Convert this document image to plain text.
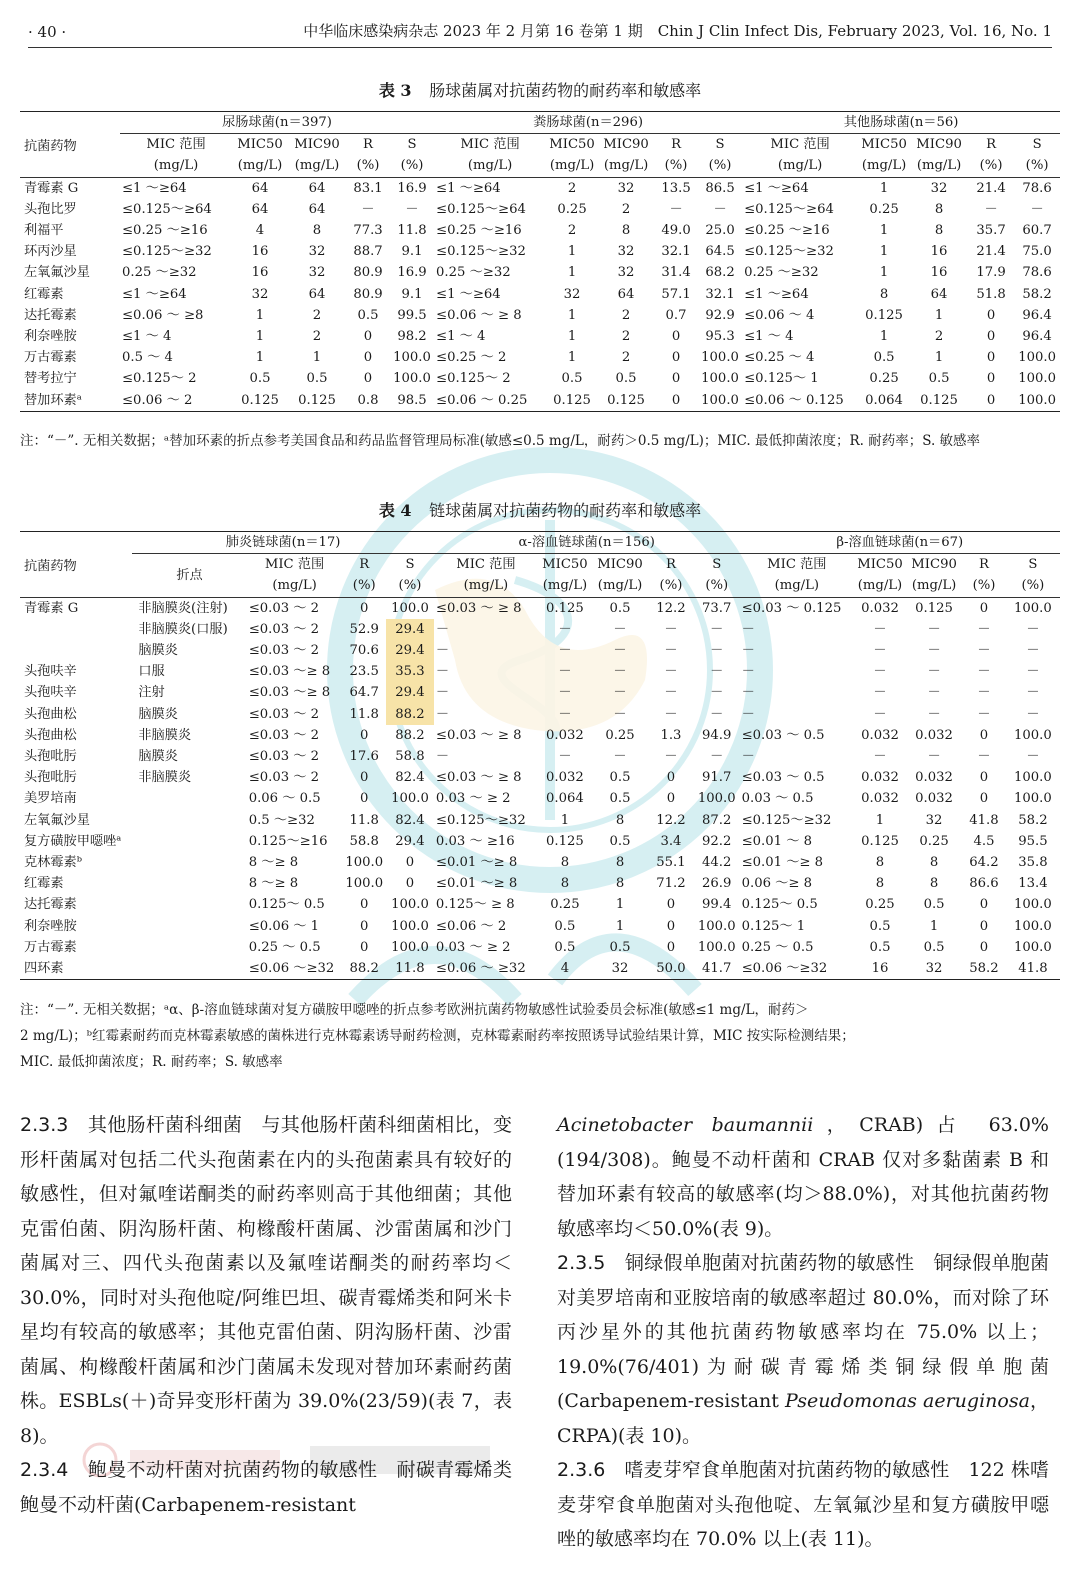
· 40 ·	中华临床感染病杂志 2023 年 2 月第 16 卷第 1 期　Chin J Clin Infect Dis, February 2023, Vol. 16, No. 1
表 3 肠球菌属对抗菌药物的耐药率和敏感率
抗菌药物	尿肠球菌(n＝397)					粪肠球菌(n＝296)					其他肠球菌(n＝56)				
	MIC 范围	MIC50	MIC90	R	S	MIC 范围	MIC50	MIC90	R	S	MIC 范围	MIC50	MIC90	R	S
	(mg/L)	(mg/L)	(mg/L)	(%)	(%)	(mg/L)	(mg/L)	(mg/L)	(%)	(%)	(mg/L)	(mg/L)	(mg/L)	(%)	(%)
青霉素 G	≤1 ～≥64	64	64	83.1	16.9	≤1 ～≥64	2	32	13.5	86.5	≤1 ～≥64	1	32	21.4	78.6
头孢比罗	≤0.125～≥64	64	64	－	－	≤0.125～≥64	0.25	2	－	－	≤0.125～≥64	0.25	8	－	－
利福平	≤0.25 ～≥16	4	8	77.3	11.8	≤0.25 ～≥16	2	8	49.0	25.0	≤0.25 ～≥16	1	8	35.7	60.7
环丙沙星	≤0.125～≥32	16	32	88.7	9.1	≤0.125～≥32	1	32	32.1	64.5	≤0.125～≥32	1	16	21.4	75.0
左氧氟沙星	0.25 ～≥32	16	32	80.9	16.9	0.25 ～≥32	1	32	31.4	68.2	0.25 ～≥32	1	16	17.9	78.6
红霉素	≤1 ～≥64	32	64	80.9	9.1	≤1 ～≥64	32	64	57.1	32.1	≤1 ～≥64	8	64	51.8	58.2
达托霉素	≤0.06 ～ ≥8	1	2	0.5	99.5	≤0.06 ～ ≥ 8	1	2	0.7	92.9	≤0.06 ～ 4	0.125	1	0	96.4
利奈唑胺	≤1 ～ 4	1	2	0	98.2	≤1 ～ 4	1	2	0	95.3	≤1 ～ 4	1	2	0	96.4
万古霉素	0.5 ～ 4	1	1	0	100.0	≤0.25 ～ 2	1	2	0	100.0	≤0.25 ～ 4	0.5	1	0	100.0
替考拉宁	≤0.125～ 2	0.5	0.5	0	100.0	≤0.125～ 2	0.5	0.5	0	100.0	≤0.125～ 1	0.25	0.5	0	100.0
替加环素ᵃ	≤0.06 ～ 2	0.125	0.125	0.8	98.5	≤0.06 ～ 0.25	0.125	0.125	0	100.0	≤0.06 ～ 0.125	0.064	0.125	0	100.0
注：“－”. 无相关数据；ᵃ替加环素的折点参考美国食品和药品监督管理局标准(敏感≤0.5 mg/L，耐药＞0.5 mg/L)；MIC. 最低抑菌浓度；R. 耐药率；S. 敏感率
表 4 链球菌属对抗菌药物的耐药率和敏感率
抗菌药物	肺炎链球菌(n＝17)				α-溶血链球菌(n＝156)					β-溶血链球菌(n＝67)				
	折点	MIC 范围	R	S	MIC 范围	MIC50	MIC90	R	S	MIC 范围	MIC50	MIC90	R	S
		(mg/L)	(%)	(%)	(mg/L)	(mg/L)	(mg/L)	(%)	(%)	(mg/L)	(mg/L)	(mg/L)	(%)	(%)
青霉素 G	非脑膜炎(注射)	≤0.03 ～ 2	0	100.0	≤0.03 ～ ≥ 8	0.125	0.5	12.2	73.7	≤0.03 ～ 0.125	0.032	0.125	0	100.0
	非脑膜炎(口服)	≤0.03 ～ 2	52.9	29.4	－	－	－	－	－	－	－	－	－	－
	脑膜炎	≤0.03 ～ 2	70.6	29.4	－	－	－	－	－	－	－	－	－	－
头孢呋辛	口服	≤0.03 ～≥ 8	23.5	35.3	－	－	－	－	－	－	－	－	－	－
头孢呋辛	注射	≤0.03 ～≥ 8	64.7	29.4	－	－	－	－	－	－	－	－	－	－
头孢曲松	脑膜炎	≤0.03 ～ 2	11.8	88.2	－	－	－	－	－	－	－	－	－	－
头孢曲松	非脑膜炎	≤0.03 ～ 2	0	88.2	≤0.03 ～ ≥ 8	0.032	0.25	1.3	94.9	≤0.03 ～ 0.5	0.032	0.032	0	100.0
头孢吡肟	脑膜炎	≤0.03 ～ 2	17.6	58.8	－	－	－	－	－	－	－	－	－	－
头孢吡肟	非脑膜炎	≤0.03 ～ 2	0	82.4	≤0.03 ～ ≥ 8	0.032	0.5	0	91.7	≤0.03 ～ 0.5	0.032	0.032	0	100.0
美罗培南		0.06 ～ 0.5	0	100.0	0.03 ～ ≥ 2	0.064	0.5	0	100.0	0.03 ～ 0.5	0.032	0.032	0	100.0
左氧氟沙星		0.5 ～≥32	11.8	82.4	≤0.125～≥32	1	8	12.2	87.2	≤0.125～≥32	1	32	41.8	58.2
复方磺胺甲噁唑ᵃ		0.125～≥16	58.8	29.4	0.03 ～ ≥16	0.125	0.5	3.4	92.2	≤0.01 ～ 8	0.125	0.25	4.5	95.5
克林霉素ᵇ		8 ～≥ 8	100.0	0	≤0.01 ～≥ 8	8	8	55.1	44.2	≤0.01 ～≥ 8	8	8	64.2	35.8
红霉素		8 ～≥ 8	100.0	0	≤0.01 ～≥ 8	8	8	71.2	26.9	0.06 ～≥ 8	8	8	86.6	13.4
达托霉素		0.125～ 0.5	0	100.0	0.125～ ≥ 8	0.25	1	0	99.4	0.125～ 0.5	0.25	0.5	0	100.0
利奈唑胺		≤0.06 ～ 1	0	100.0	≤0.06 ～ 2	0.5	1	0	100.0	0.125～ 1	0.5	1	0	100.0
万古霉素		0.25 ～ 0.5	0	100.0	0.03 ～ ≥ 2	0.5	0.5	0	100.0	0.25 ～ 0.5	0.5	0.5	0	100.0
四环素		≤0.06 ～≥32	88.2	11.8	≤0.06 ～ ≥32	4	32	50.0	41.7	≤0.06 ～≥32	16	32	58.2	41.8
注：“－”. 无相关数据；ᵃα、β-溶血链球菌对复方磺胺甲噁唑的折点参考欧洲抗菌药物敏感性试验委员会标准(敏感≤1 mg/L，耐药＞
2 mg/L)；ᵇ红霉素耐药而克林霉素敏感的菌株进行克林霉素诱导耐药检测，克林霉素耐药率按照诱导试验结果计算，MIC 按实际检测结果；
MIC. 最低抑菌浓度；R. 耐药率；S. 敏感率

2.3.3　其他肠杆菌科细菌　 与其他肠杆菌科细菌相比，变形杆菌属对包括二代头孢菌素在内的头孢菌素具有较好的敏感性，但对氟喹诺酮类的耐药率则高于其他细菌；其他克雷伯菌、阴沟肠杆菌、枸橼酸杆菌属、沙雷菌属和沙门菌属对三、四代头孢菌素以及氟喹诺酮类的耐药率均＜30.0%，同时对头孢他啶/阿维巴坦、碳青霉烯类和阿米卡星均有较高的敏感率；其他克雷伯菌、阴沟肠杆菌、沙雷菌属、枸橼酸杆菌属和沙门菌属未发现对替加环素耐药菌株。ESBLs(＋)奇异变形杆菌为 39.0%(23/59)(表 7，表 8)。

2.3.4　鲍曼不动杆菌对抗菌药物的敏感性　 耐碳青霉烯类鲍曼不动杆菌(Carbapenem-resistant

Acinetobacter baumannii，CRAB)占 63.0%(194/308)。鲍曼不动杆菌和 CRAB 仅对多黏菌素 B 和替加环素有较高的敏感率(均＞88.0%)，对其他抗菌药物敏感率均＜50.0%(表 9)。

2.3.5　铜绿假单胞菌对抗菌药物的敏感性　 铜绿假单胞菌对美罗培南和亚胺培南的敏感率超过 80.0%，而对除了环丙沙星外的其他抗菌药物敏感率均在 75.0% 以上；19.0%(76/401)为耐碳青霉烯类铜绿假单胞菌(Carbapenem-resistant Pseudomonas aeruginosa，CRPA)(表 10)。

2.3.6　嗜麦芽窄食单胞菌对抗菌药物的敏感性　 122 株嗜麦芽窄食单胞菌对头孢他啶、左氧氟沙星和复方磺胺甲噁唑的敏感率均在 70.0% 以上(表 11)。
